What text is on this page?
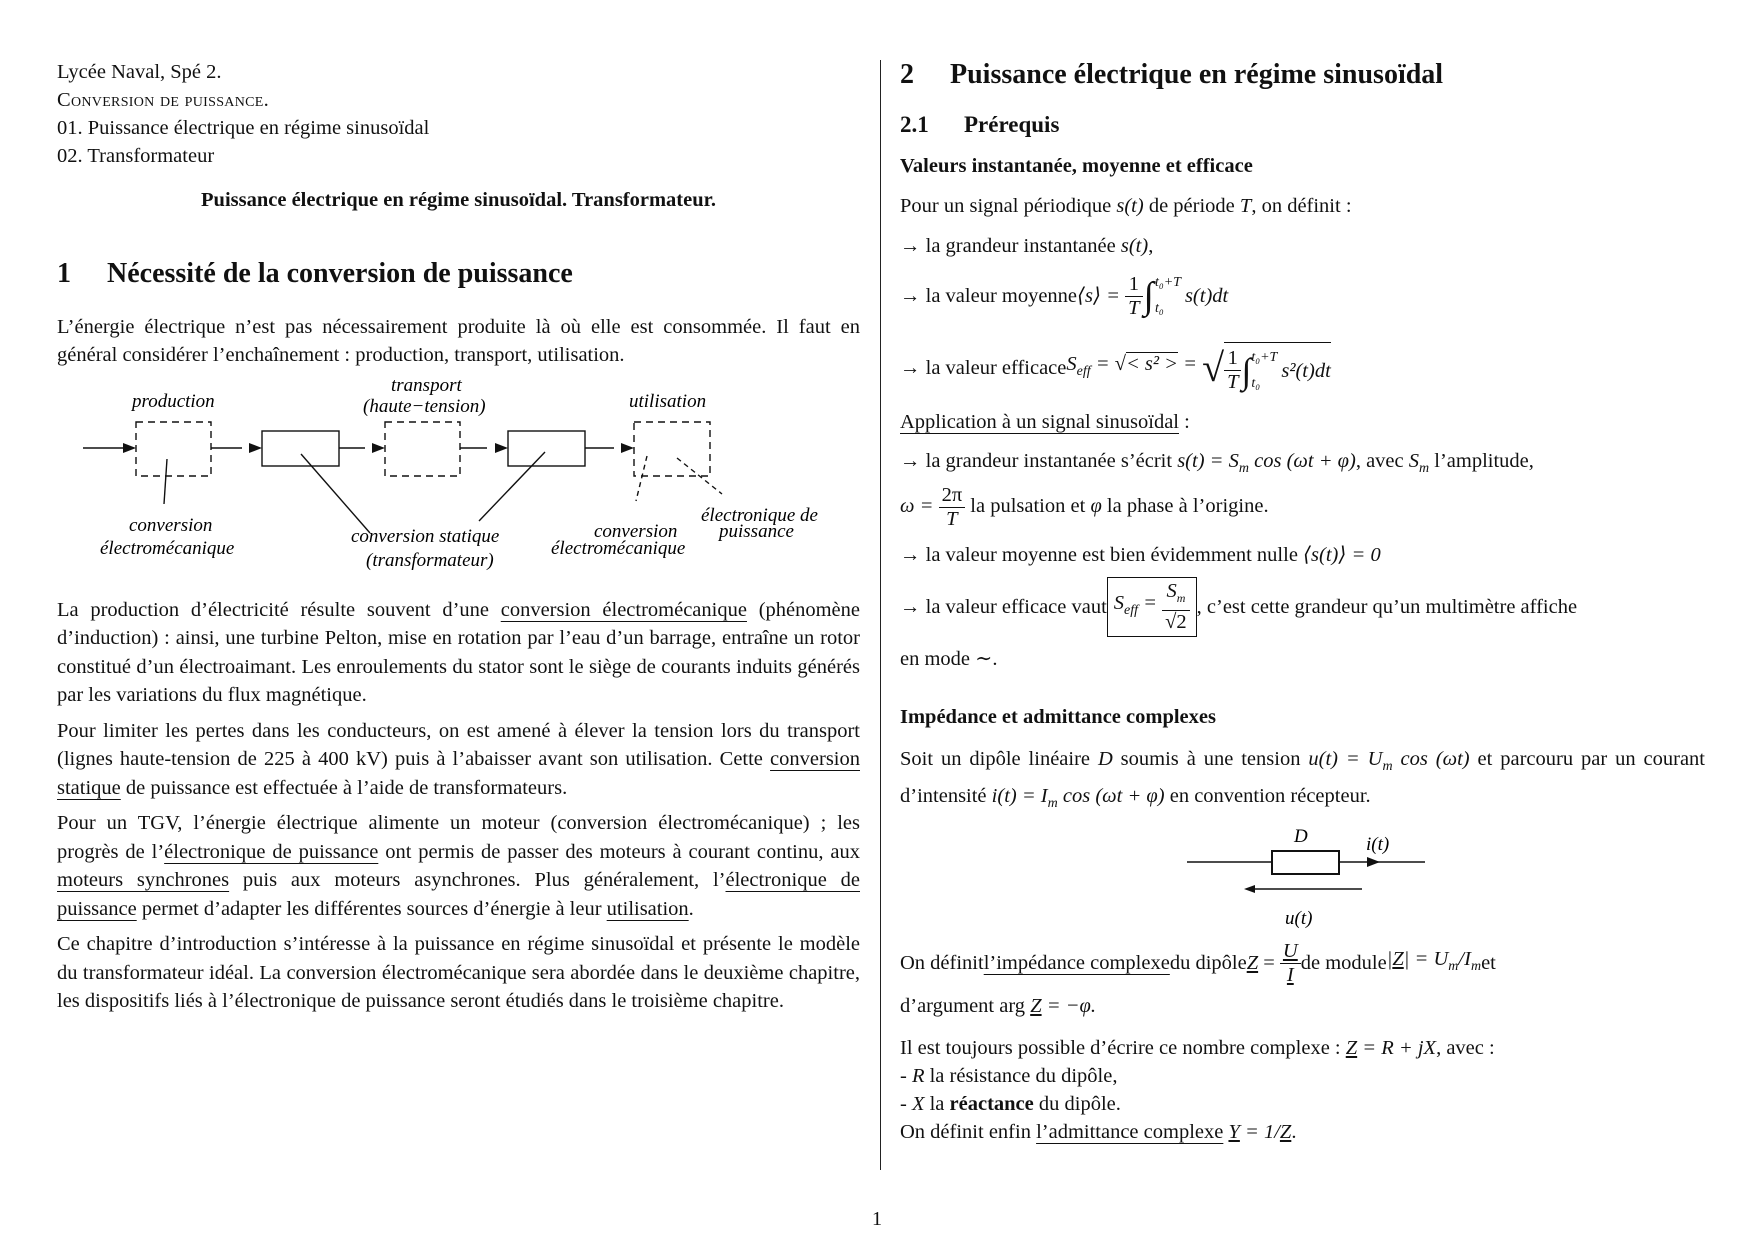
Lycée Naval, Spé 2.
Conversion de puissance.
01. Puissance électrique en régime sinusoïdal
02. Transformateur
Puissance électrique en régime sinusoïdal. Transformateur.
1 Nécessité de la conversion de puissance

L’énergie électrique n’est pas nécessairement produite là où elle est consommée. Il faut en général considérer l’enchaînement : production, transport, utilisation.

production
transport
(haute−tension)	utilisation
conversion
électromécanique
conversion statique
(transformateur)
conversion
électromécanique
électronique de
puissance

La production d’électricité résulte souvent d’une conversion électromécanique (phénomène d’induction) : ainsi, une turbine Pelton, mise en rotation par l’eau d’un barrage, entraîne un rotor constitué d’un électroaimant. Les enroulements du stator sont le siège de courants induits générés par les variations du flux magnétique.

Pour limiter les pertes dans les conducteurs, on est amené à élever la tension lors du transport (lignes haute-tension de 225 à 400 kV) puis à l’abaisser avant son utilisation. Cette conversion statique de puissance est effectuée à l’aide de transformateurs.

Pour un TGV, l’énergie électrique alimente un moteur (conversion électromécanique) ; les progrès de l’électronique de puissance ont permis de passer des moteurs à courant continu, aux moteurs synchrones puis aux moteurs asynchrones. Plus généralement, l’électronique de puissance permet d’adapter les différentes sources d’énergie à leur utilisation.

Ce chapitre d’introduction s’intéresse à la puissance en régime sinusoïdal et présente le modèle du transformateur idéal. La conversion électromécanique sera abordée dans le deuxième chapitre, les dispositifs liés à l’électronique de puissance seront étudiés dans le troisième chapitre.

2 Puissance électrique en régime sinusoïdal
2.1 Prérequis
Valeurs instantanée, moyenne et efficace
Pour un signal périodique s(t) de période T, on définit :
→ la grandeur instantanée s(t),
→ la valeur moyenne ⟨s⟩ = $\frac{1}{T}$ ∫ t₀+T
t₀
s(t)dt
→ la valeur efficace $S_{eff}$ = √< s² > = √ $\frac{1}{T}$ ∫ t₀+T
t₀
s²(t)dt
Application à un signal sinusoïdal :

→ la grandeur instantanée s’écrit $s(t) = S_m$ cos (ωt + φ), avec $S_m$ l’amplitude,
$\omega = \frac{2\pi}{T}$ la pulsation et φ la phase à l’origine.

→ la valeur moyenne est bien évidemment nulle ⟨s(t)⟩ = 0
→ la valeur efficace vaut $S_{eff} = \frac{S_m}{√2}$ , c’est cette grandeur qu’un multimètre affiche
en mode ∼.
Impédance et admittance complexes

Soit un dipôle linéaire D soumis à une tension $u(t) = U_m$ cos (ωt) et parcouru par un courant d’intensité $i(t) = I_m$ cos (ωt + φ) en convention récepteur.

D	i(t)
u(t)
On définit l’impédance complexe du dipôle $Z = \frac{U}{I}$ de module $|Z| = U_m/I_m$ et
d’argument arg Z = −φ.
Il est toujours possible d’écrire ce nombre complexe : Z = R + jX, avec :
- R la résistance du dipôle,
- X la réactance du dipôle.
On définit enfin l’admittance complexe Y = 1/Z.
1
